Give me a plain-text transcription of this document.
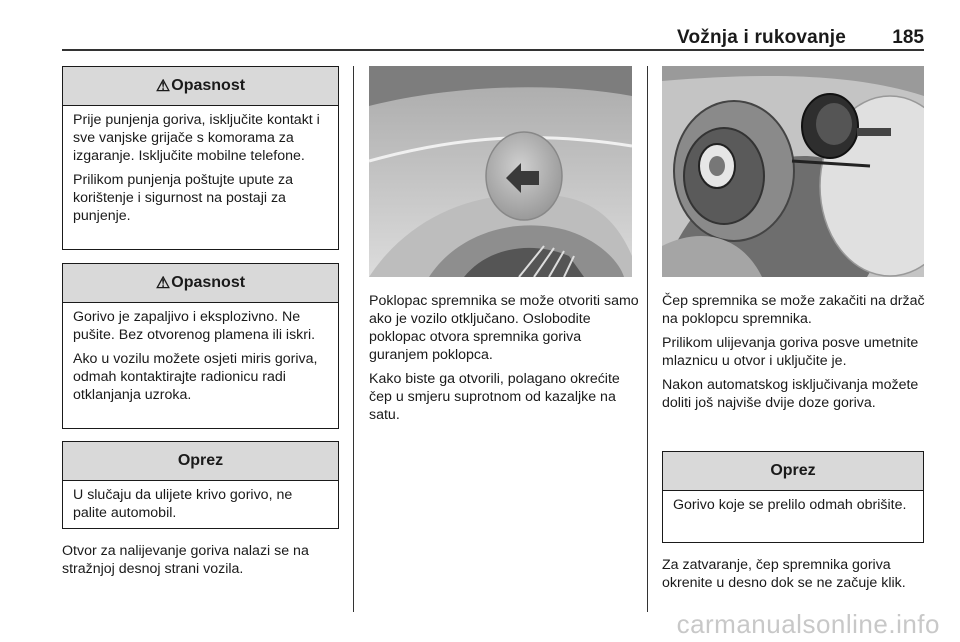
Vožnja i rukovanje 185
⚠ Opasnost

Prije punjenja goriva, isključite kontakt i sve vanjske grijače s komorama za izgaranje. Isključite mobilne telefone.

Prilikom punjenja poštujte upute za korištenje i sigurnost na postaji za punjenje.

⚠ Opasnost

Gorivo je zapaljivo i eksplozivno. Ne pušite. Bez otvorenog plamena ili iskri.

Ako u vozilu možete osjeti miris goriva, odmah kontaktirajte radionicu radi otklanjanja uzroka.

Oprez

U slučaju da ulijete krivo gorivo, ne palite automobil.

Otvor za nalijevanje goriva nalazi se na stražnjoj desnoj strani vozila.

Poklopac spremnika se može otvoriti samo ako je vozilo otključano. Oslobodite poklopac otvora spremnika goriva guranjem poklopca.

Kako biste ga otvorili, polagano okrećite čep u smjeru suprotnom od kazaljke na satu.

Čep spremnika se može zakačiti na držač na poklopcu spremnika.

Prilikom ulijevanja goriva posve umetnite mlaznicu u otvor i uključite je.

Nakon automatskog isključivanja možete doliti još najviše dvije doze goriva.

Oprez

Gorivo koje se prelilo odmah obrišite.

Za zatvaranje, čep spremnika goriva okrenite u desno dok se ne začuje klik.

carmanualsonline.info
